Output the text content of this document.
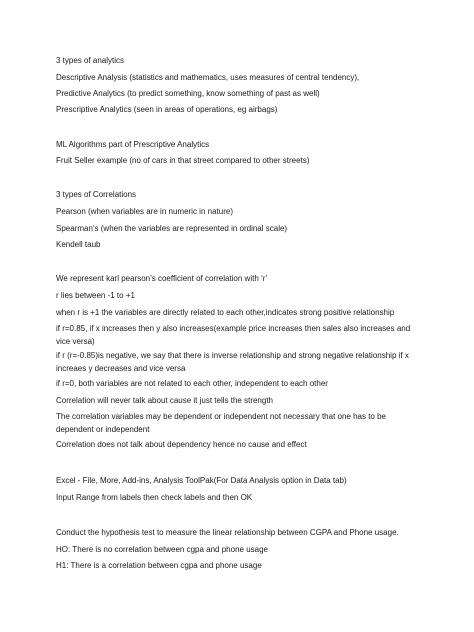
3 types of analytics
Descriptive Analysis (statistics and mathematics, uses measures of central tendency),
Predictive Analytics (to predict something, know something of past as well)
Prescriptive Analytics (seen in areas of operations, eg airbags)
ML Algorithms part of Prescriptive Analytics
Fruit Seller example (no of cars in that street compared to other streets)
3 types of Correlations
Pearson (when variables are in numeric in nature)
Spearman’s (when the variables are represented in ordinal scale)
Kendell taub
We represent karl pearson’s coefficient of correlation with ‘r’
r lies between -1 to +1
when r is +1 the variables are directly related to each other,indicates strong positive relationship
if r=0.85, if x increases then y also increases(example price increases then sales also increases and vice versa)
if r (r=-0.85)is negative, we say that there is inverse relationship and strong negative relationship if x increaes y decreases and vice versa
if r=0, both variables are not related to each other, independent to each other
Correlation will never talk about cause it just tells the strength
The correlation variables may be dependent or independent not necessary that one has to be dependent or independent
Correlation does not talk about dependency hence no cause and effect
Excel - File, More, Add-ins, Analysis ToolPak(For Data Analysis option in Data tab)
Input Range from labels then check labels and then OK
Conduct the hypothesis test to measure the linear relationship between CGPA and Phone usage.
HO: There is no correlation between cgpa and phone usage
H1: There is a correlation between cgpa and phone usage
